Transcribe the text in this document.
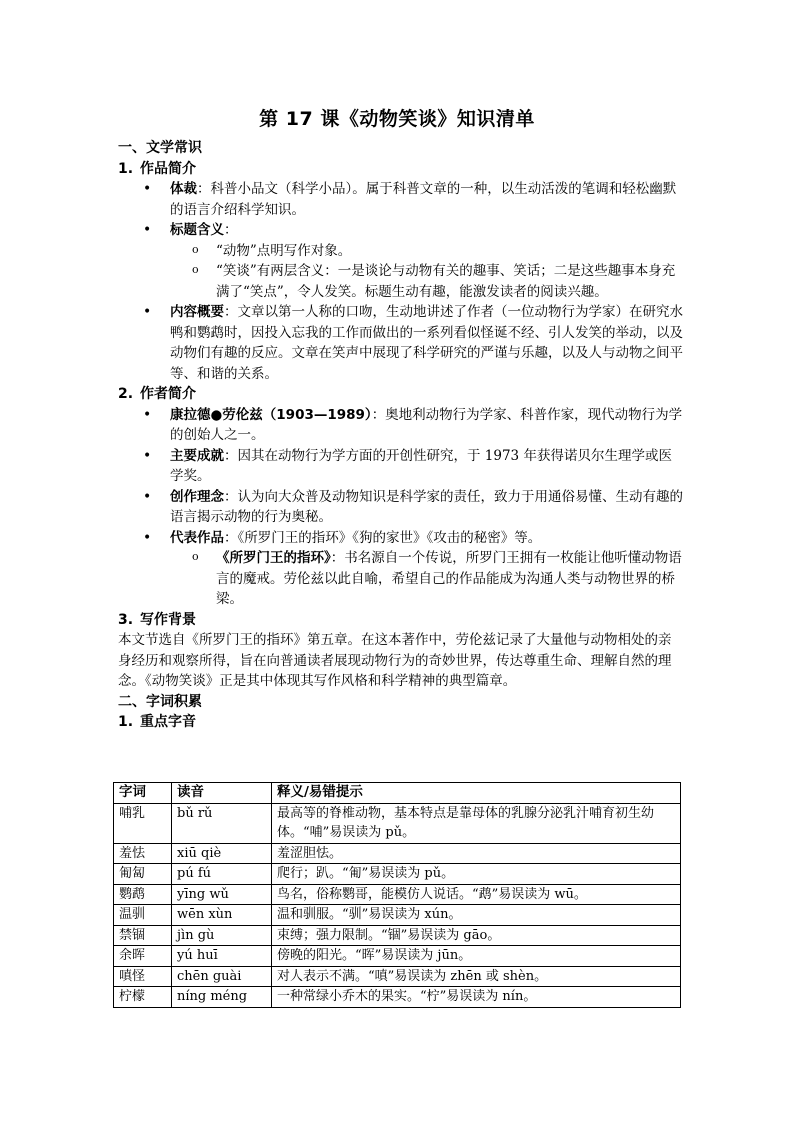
第 17 课《动物笑谈》知识清单
一、文学常识
1. 作品简介
• 体裁：科普小品文（科学小品）。属于科普文章的一种，以生动活泼的笔调和轻松幽默的语言介绍科学知识。
• 标题含义：
o “动物”点明写作对象。
o “笑谈”有两层含义：一是谈论与动物有关的趣事、笑话；二是这些趣事本身充满了“笑点”，令人发笑。标题生动有趣，能激发读者的阅读兴趣。
• 内容概要：文章以第一人称的口吻，生动地讲述了作者（一位动物行为学家）在研究水鸭和鹦鹉时，因投入忘我的工作而做出的一系列看似怪诞不经、引人发笑的举动，以及动物们有趣的反应。文章在笑声中展现了科学研究的严谨与乐趣，以及人与动物之间平等、和谐的关系。
2. 作者简介
• 康拉德●劳伦兹（1903—1989）：奥地利动物行为学家、科普作家，现代动物行为学的创始人之一。
• 主要成就：因其在动物行为学方面的开创性研究，于 1973 年获得诺贝尔生理学或医学奖。
• 创作理念：认为向大众普及动物知识是科学家的责任，致力于用通俗易懂、生动有趣的语言揭示动物的行为奥秘。
• 代表作品：《所罗门王的指环》《狗的家世》《攻击的秘密》等。
o 《所罗门王的指环》：书名源自一个传说，所罗门王拥有一枚能让他听懂动物语言的魔戒。劳伦兹以此自喻，希望自己的作品能成为沟通人类与动物世界的桥梁。
3. 写作背景

本文节选自《所罗门王的指环》第五章。在这本著作中，劳伦兹记录了大量他与动物相处的亲身经历和观察所得，旨在向普通读者展现动物行为的奇妙世界，传达尊重生命、理解自然的理念。《动物笑谈》正是其中体现其写作风格和科学精神的典型篇章。

二、字词积累
1. 重点字音
字词	读音	释义/易错提示
哺乳	bǔ rǔ	最高等的脊椎动物，基本特点是靠母体的乳腺分泌乳汁哺育初生幼体。“哺”易误读为 pǔ。
羞怯	xiū qiè	羞涩胆怯。
匍匐	pú fú	爬行；趴。“匍”易误读为 pǔ。
鹦鹉	yīng wǔ	鸟名，俗称鹦哥，能模仿人说话。“鹉”易误读为 wū。
温驯	wēn xùn	温和驯服。“驯”易误读为 xún。
禁锢	jìn gù	束缚；强力限制。“锢”易误读为 gāo。
余晖	yú huī	傍晚的阳光。“晖”易误读为 jūn。
嗔怪	chēn guài	对人表示不满。“嗔”易误读为 zhēn 或 shèn。
柠檬	níng méng	一种常绿小乔木的果实。“柠”易误读为 nín。
